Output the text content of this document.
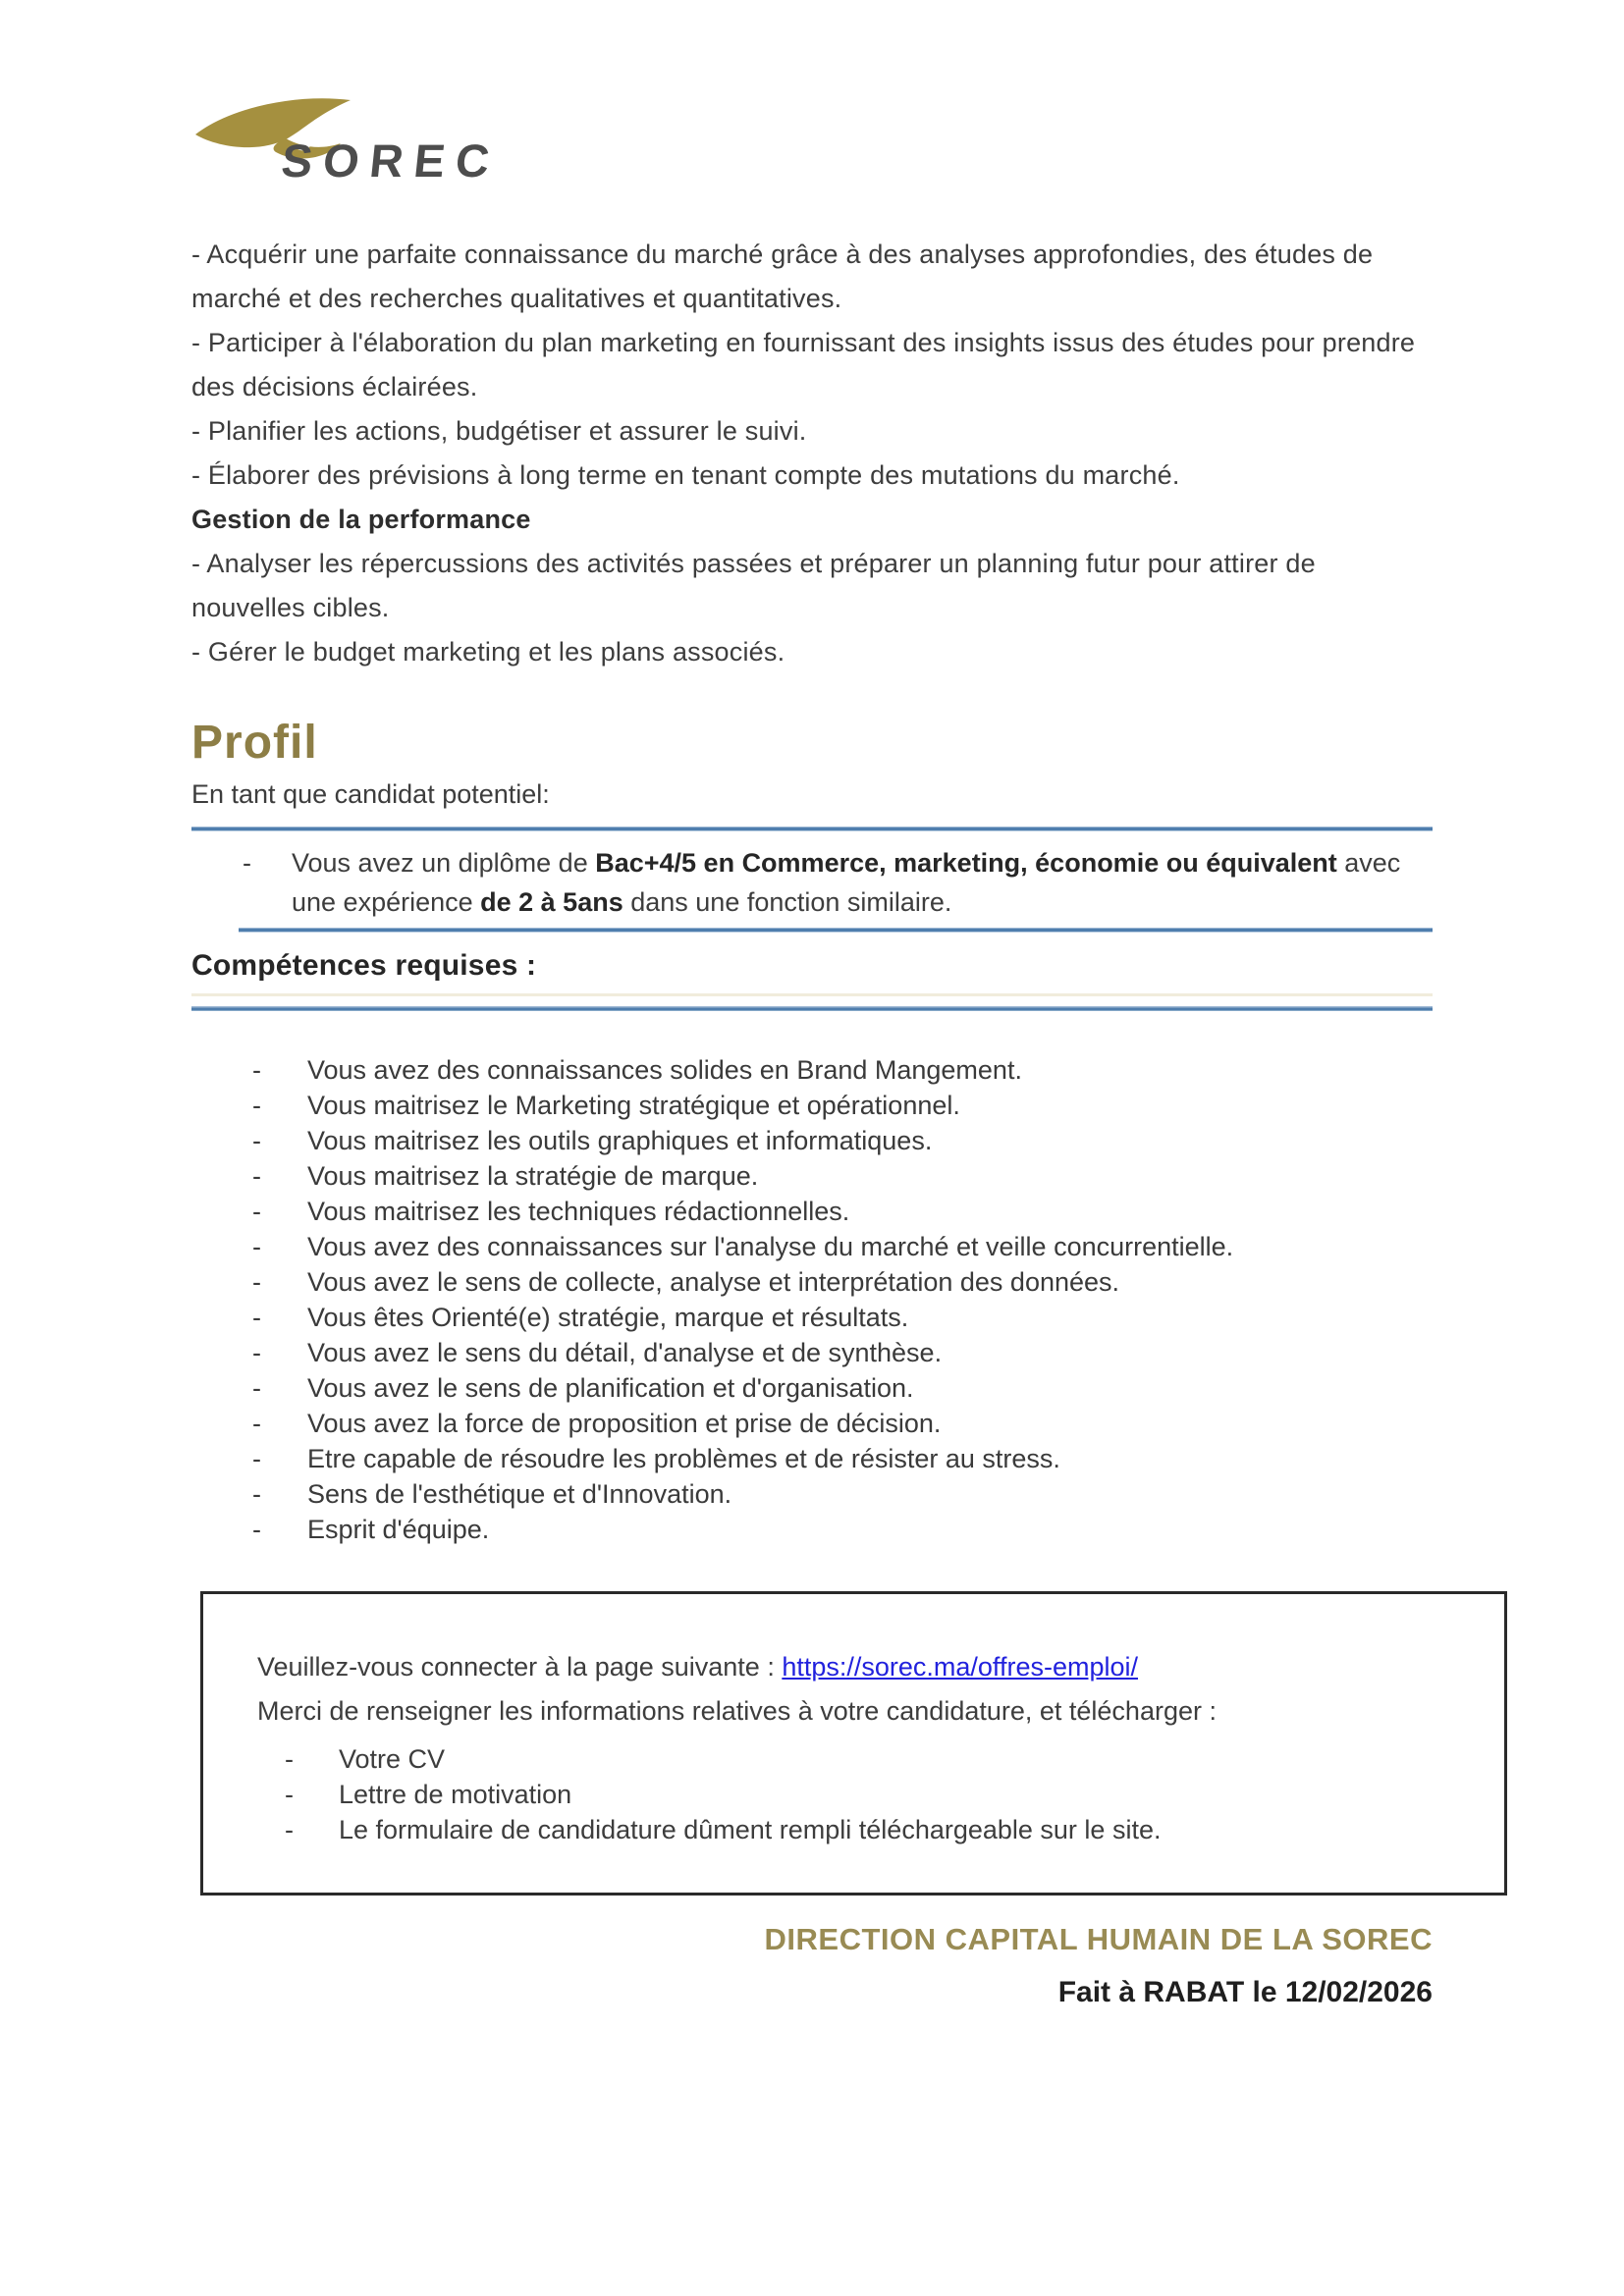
SOREC

- Acquérir une parfaite connaissance du marché grâce à des analyses approfondies, des études de marché et des recherches qualitatives et quantitatives.

- Participer à l'élaboration du plan marketing en fournissant des insights issus des études pour prendre des décisions éclairées.

- Planifier les actions, budgétiser et assurer le suivi.

- Élaborer des prévisions à long terme en tenant compte des mutations du marché.

Gestion de la performance

- Analyser les répercussions des activités passées et préparer un planning futur pour attirer de nouvelles cibles.

- Gérer le budget marketing et les plans associés.

Profil

En tant que candidat potentiel:

-	Vous avez un diplôme de Bac+4/5 en Commerce, marketing, économie ou équivalent avec une expérience de 2 à 5ans dans une fonction similaire.
Compétences requises :
-	Vous avez des connaissances solides en Brand Mangement.
-	Vous maitrisez le Marketing stratégique et opérationnel.
-	Vous maitrisez les outils graphiques et informatiques.
-	Vous maitrisez la stratégie de marque.
-	Vous maitrisez les techniques rédactionnelles.
-	Vous avez des connaissances sur l'analyse du marché et veille concurrentielle.
-	Vous avez le sens de collecte, analyse et interprétation des données.
-	Vous êtes Orienté(e) stratégie, marque et résultats.
-	Vous avez le sens du détail, d'analyse et de synthèse.
-	Vous avez le sens de planification et d'organisation.
-	Vous avez la force de proposition et prise de décision.
-	Etre capable de résoudre les problèmes et de résister au stress.
-	Sens de l'esthétique et d'Innovation.
-	Esprit d'équipe.

Veuillez-vous connecter à la page suivante : https://sorec.ma/offres-emploi/

Merci de renseigner les informations relatives à votre candidature, et télécharger :

-	Votre CV
-	Lettre de motivation
-	Le formulaire de candidature dûment rempli téléchargeable sur le site.
DIRECTION CAPITAL HUMAIN DE LA SOREC
Fait à RABAT le 12/02/2026
